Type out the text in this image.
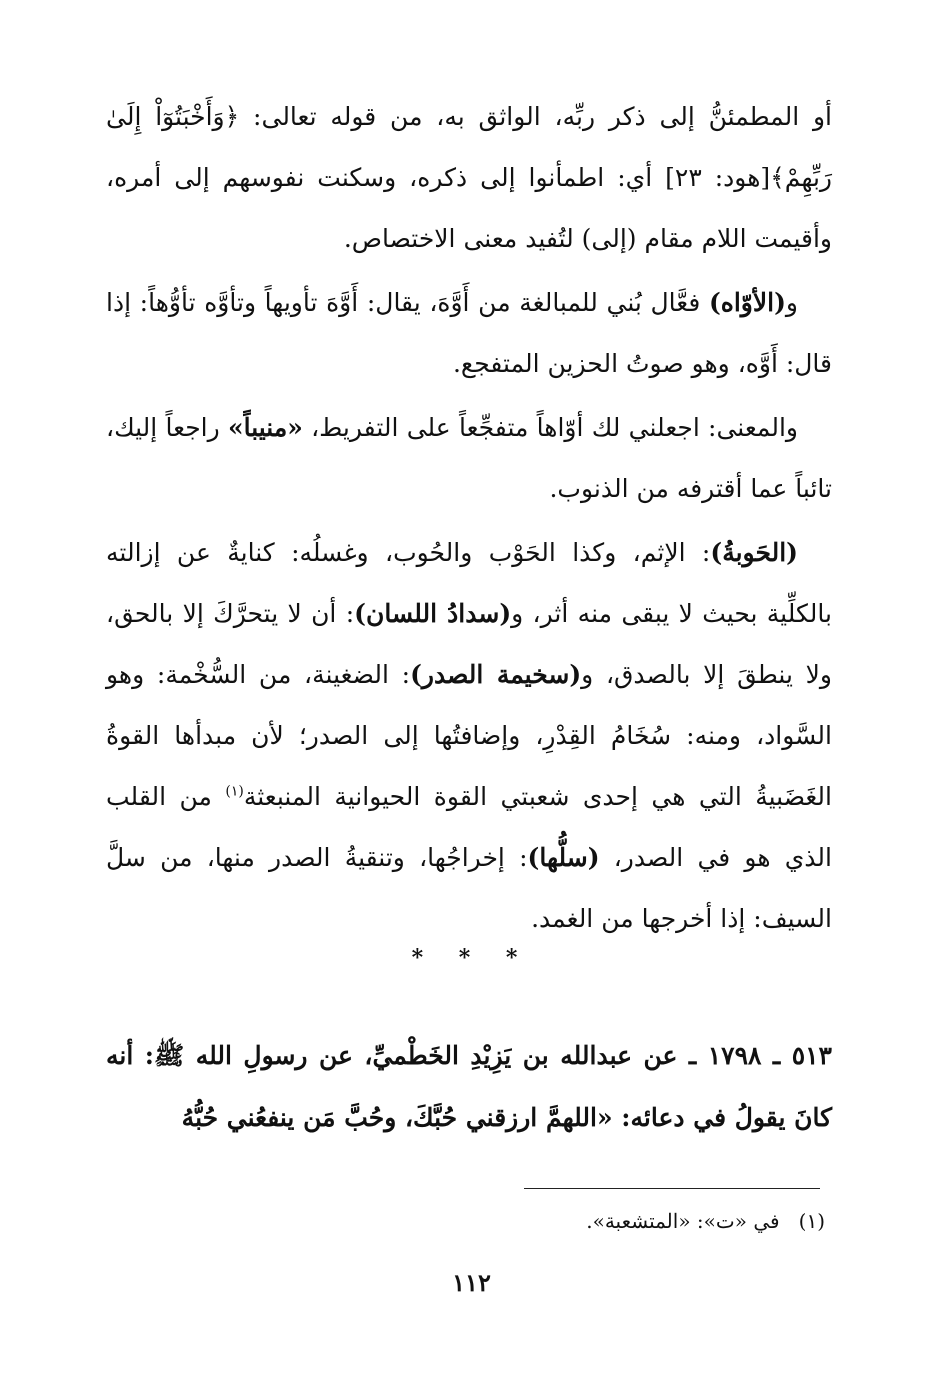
أو المطمئنُّ إلى ذكر ربِّه، الواثق به، من قوله تعالى: ﴿وَأَخْبَتُوٓاْ إِلَىٰ رَبِّهِمْ﴾[هود: ٢٣] أي: اطمأنوا إلى ذكره، وسكنت نفوسهم إلى أمره، وأقيمت اللام مقام (إلى) لتُفيد معنى الاختصاص.

و(الأوّاه) فعَّال بُني للمبالغة من أَوَّهَ، يقال: أَوَّهَ تأويهاً وتأوَّه تأوُّهاً: إذا قال: أَوَّه، وهو صوتُ الحزين المتفجع.

والمعنى: اجعلني لك أوّاهاً متفجِّعاً على التفريط، «منيباً» راجعاً إليك، تائباً عما أقترفه من الذنوب.

(الحَوبةُ): الإثم، وكذا الحَوْب والحُوب، وغسلُه: كنايةٌ عن إزالته بالكلِّية بحيث لا يبقى منه أثر، و(سدادُ اللسان): أن لا يتحرَّكَ إلا بالحق، ولا ينطقَ إلا بالصدق، و(سخيمة الصدر): الضغينة، من السُّخْمة: وهو السَّواد، ومنه: سُخَامُ القِدْرِ، وإضافتُها إلى الصدر؛ لأن مبدأها القوةُ الغَضَبيةُ التي هي إحدى شعبتي القوة الحيوانية المنبعثة$^{(١)}$ من القلب الذي هو في الصدر، (سلُّها): إخراجُها، وتنقيةُ الصدر منها، من سلَّ السيف: إذا أخرجها من الغمد.

* * *

٥١٣ ـ ١٧٩٨ ـ عن عبدالله بن يَزِيْدِ الخَطْميِّ، عن رسولِ الله ﷺ: أنه كانَ يقولُ في دعائه: «اللهمَّ ارزقني حُبَّكَ، وحُبَّ مَن ينفعُني حُبُّهُ

(١)   في «ت»: «المتشعبة».
١١٢
